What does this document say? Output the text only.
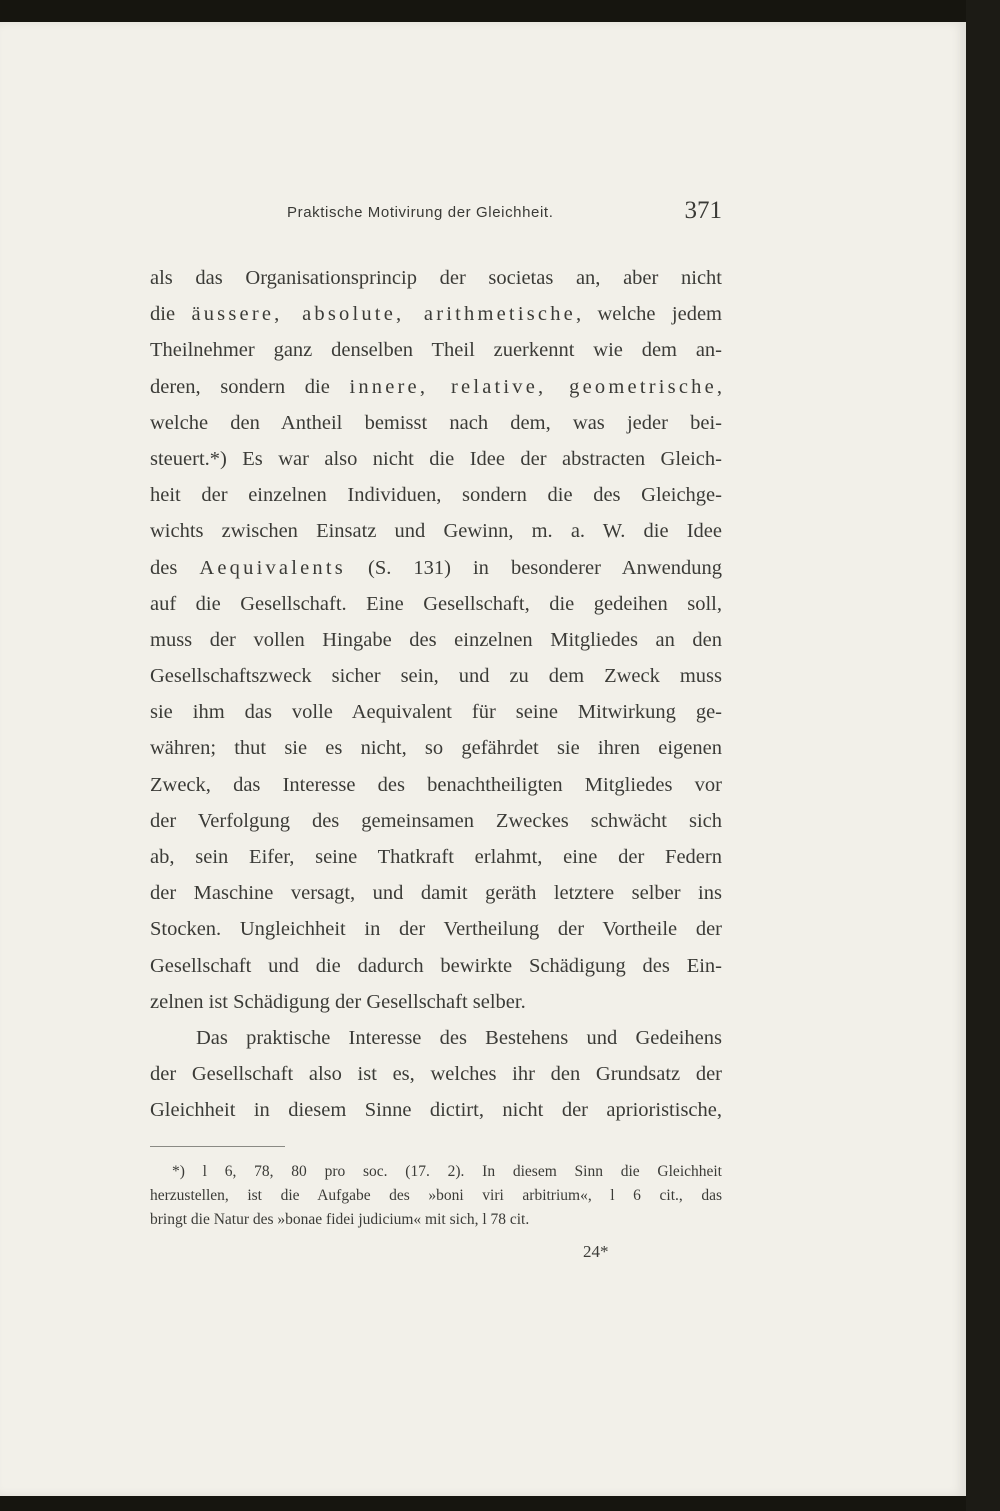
Praktische Motivirung der Gleichheit.	371
als das Organisationsprincip der societas an, aber nicht
die äussere, absolute, arithmetische, welche jedem
Theilnehmer ganz denselben Theil zuerkennt wie dem an-
deren, sondern die innere, relative, geometrische,
welche den Antheil bemisst nach dem, was jeder bei-
steuert.*) Es war also nicht die Idee der abstracten Gleich-
heit der einzelnen Individuen, sondern die des Gleichge-
wichts zwischen Einsatz und Gewinn, m. a. W. die Idee
des Aequivalents (S. 131) in besonderer Anwendung
auf die Gesellschaft. Eine Gesellschaft, die gedeihen soll,
muss der vollen Hingabe des einzelnen Mitgliedes an den
Gesellschaftszweck sicher sein, und zu dem Zweck muss
sie ihm das volle Aequivalent für seine Mitwirkung ge-
währen; thut sie es nicht, so gefährdet sie ihren eigenen
Zweck, das Interesse des benachtheiligten Mitgliedes vor
der Verfolgung des gemeinsamen Zweckes schwächt sich
ab, sein Eifer, seine Thatkraft erlahmt, eine der Federn
der Maschine versagt, und damit geräth letztere selber ins
Stocken. Ungleichheit in der Vertheilung der Vortheile der
Gesellschaft und die dadurch bewirkte Schädigung des Ein-
zelnen ist Schädigung der Gesellschaft selber.
Das praktische Interesse des Bestehens und Gedeihens
der Gesellschaft also ist es, welches ihr den Grundsatz der
Gleichheit in diesem Sinne dictirt, nicht der aprioristische,
*) l 6, 78, 80 pro soc. (17. 2). In diesem Sinn die Gleichheit
herzustellen, ist die Aufgabe des »boni viri arbitrium«, l 6 cit., das
bringt die Natur des »bonae fidei judicium« mit sich, l 78 cit.
24*
